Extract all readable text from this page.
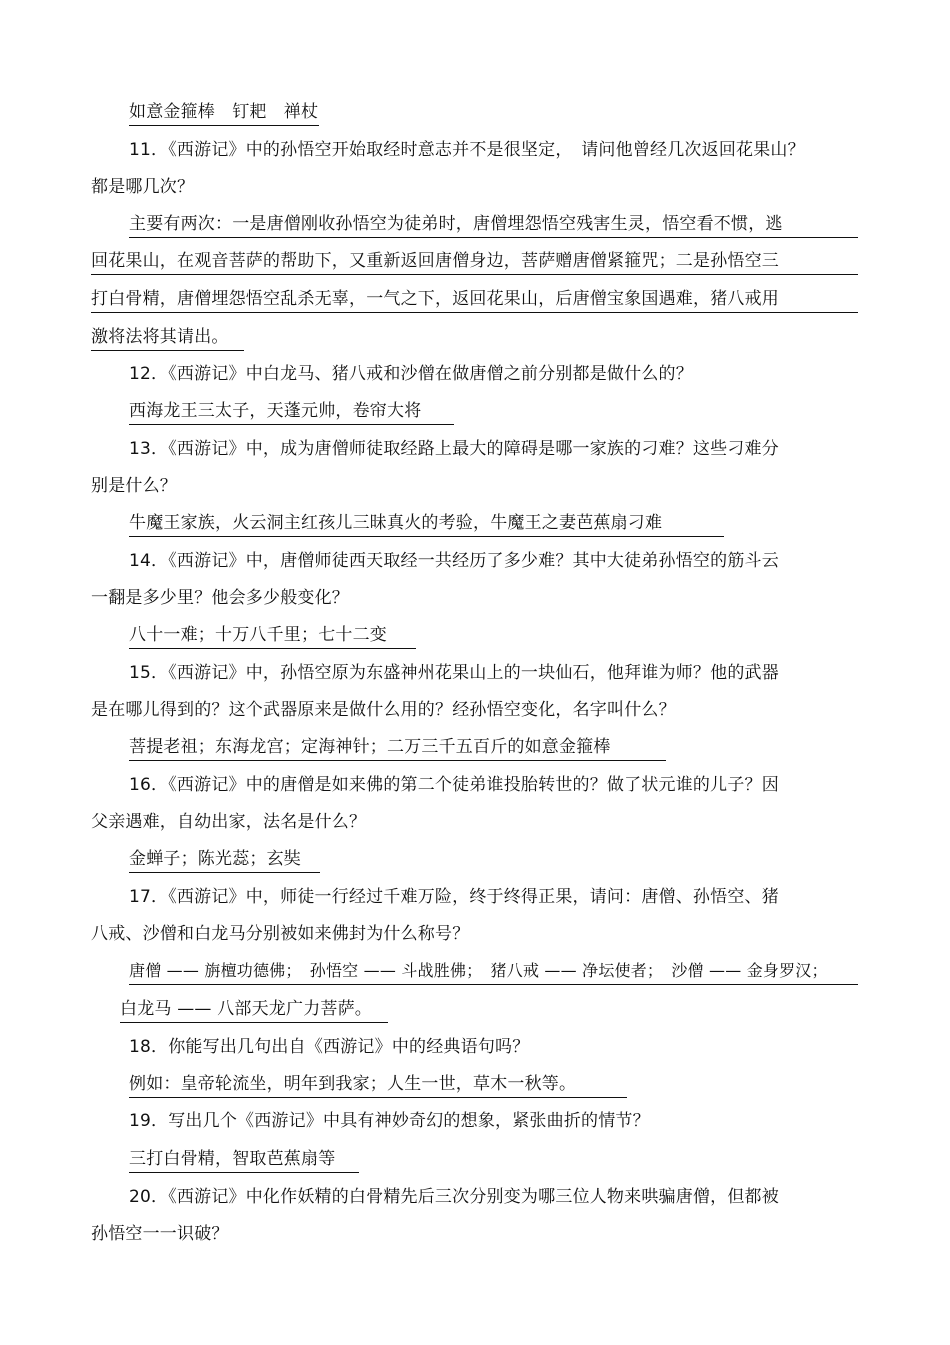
如意金箍棒　钉耙　禅杖
11．《西游记》中的孙悟空开始取经时意志并不是很坚定，　请问他曾经几次返回花果山？
都是哪几次？
主要有两次：一是唐僧刚收孙悟空为徒弟时，唐僧埋怨悟空残害生灵，悟空看不惯，逃
回花果山，在观音菩萨的帮助下，又重新返回唐僧身边，菩萨赠唐僧紧箍咒；二是孙悟空三
打白骨精，唐僧埋怨悟空乱杀无辜，一气之下，返回花果山，后唐僧宝象国遇难，猪八戒用
激将法将其请出。
12．《西游记》中白龙马、猪八戒和沙僧在做唐僧之前分别都是做什么的？
西海龙王三太子，天蓬元帅，卷帘大将
13．《西游记》中，成为唐僧师徒取经路上最大的障碍是哪一家族的刁难？这些刁难分
别是什么？
牛魔王家族，火云洞主红孩儿三昧真火的考验，牛魔王之妻芭蕉扇刁难
14．《西游记》中，唐僧师徒西天取经一共经历了多少难？其中大徒弟孙悟空的筋斗云
一翻是多少里？他会多少般变化？
八十一难；十万八千里；七十二变
15．《西游记》中，孙悟空原为东盛神州花果山上的一块仙石，他拜谁为师？他的武器
是在哪儿得到的？这个武器原来是做什么用的？经孙悟空变化，名字叫什么？
菩提老祖；东海龙宫；定海神针；二万三千五百斤的如意金箍棒
16．《西游记》中的唐僧是如来佛的第二个徒弟谁投胎转世的？做了状元谁的儿子？因
父亲遇难，自幼出家，法名是什么？
金蝉子；陈光蕊；玄奘
17．《西游记》中，师徒一行经过千难万险，终于终得正果，请问：唐僧、孙悟空、猪
八戒、沙僧和白龙马分别被如来佛封为什么称号？
唐僧 —— 旃檀功德佛；　孙悟空 —— 斗战胜佛；　猪八戒 —— 净坛使者；　沙僧 —— 金身罗汉；
白龙马 —— 八部天龙广力菩萨。
18．你能写出几句出自《西游记》中的经典语句吗？
例如：皇帝轮流坐，明年到我家；人生一世，草木一秋等。
19．写出几个《西游记》中具有神妙奇幻的想象，紧张曲折的情节？
三打白骨精，智取芭蕉扇等
20．《西游记》中化作妖精的白骨精先后三次分别变为哪三位人物来哄骗唐僧，但都被
孙悟空一一识破？
